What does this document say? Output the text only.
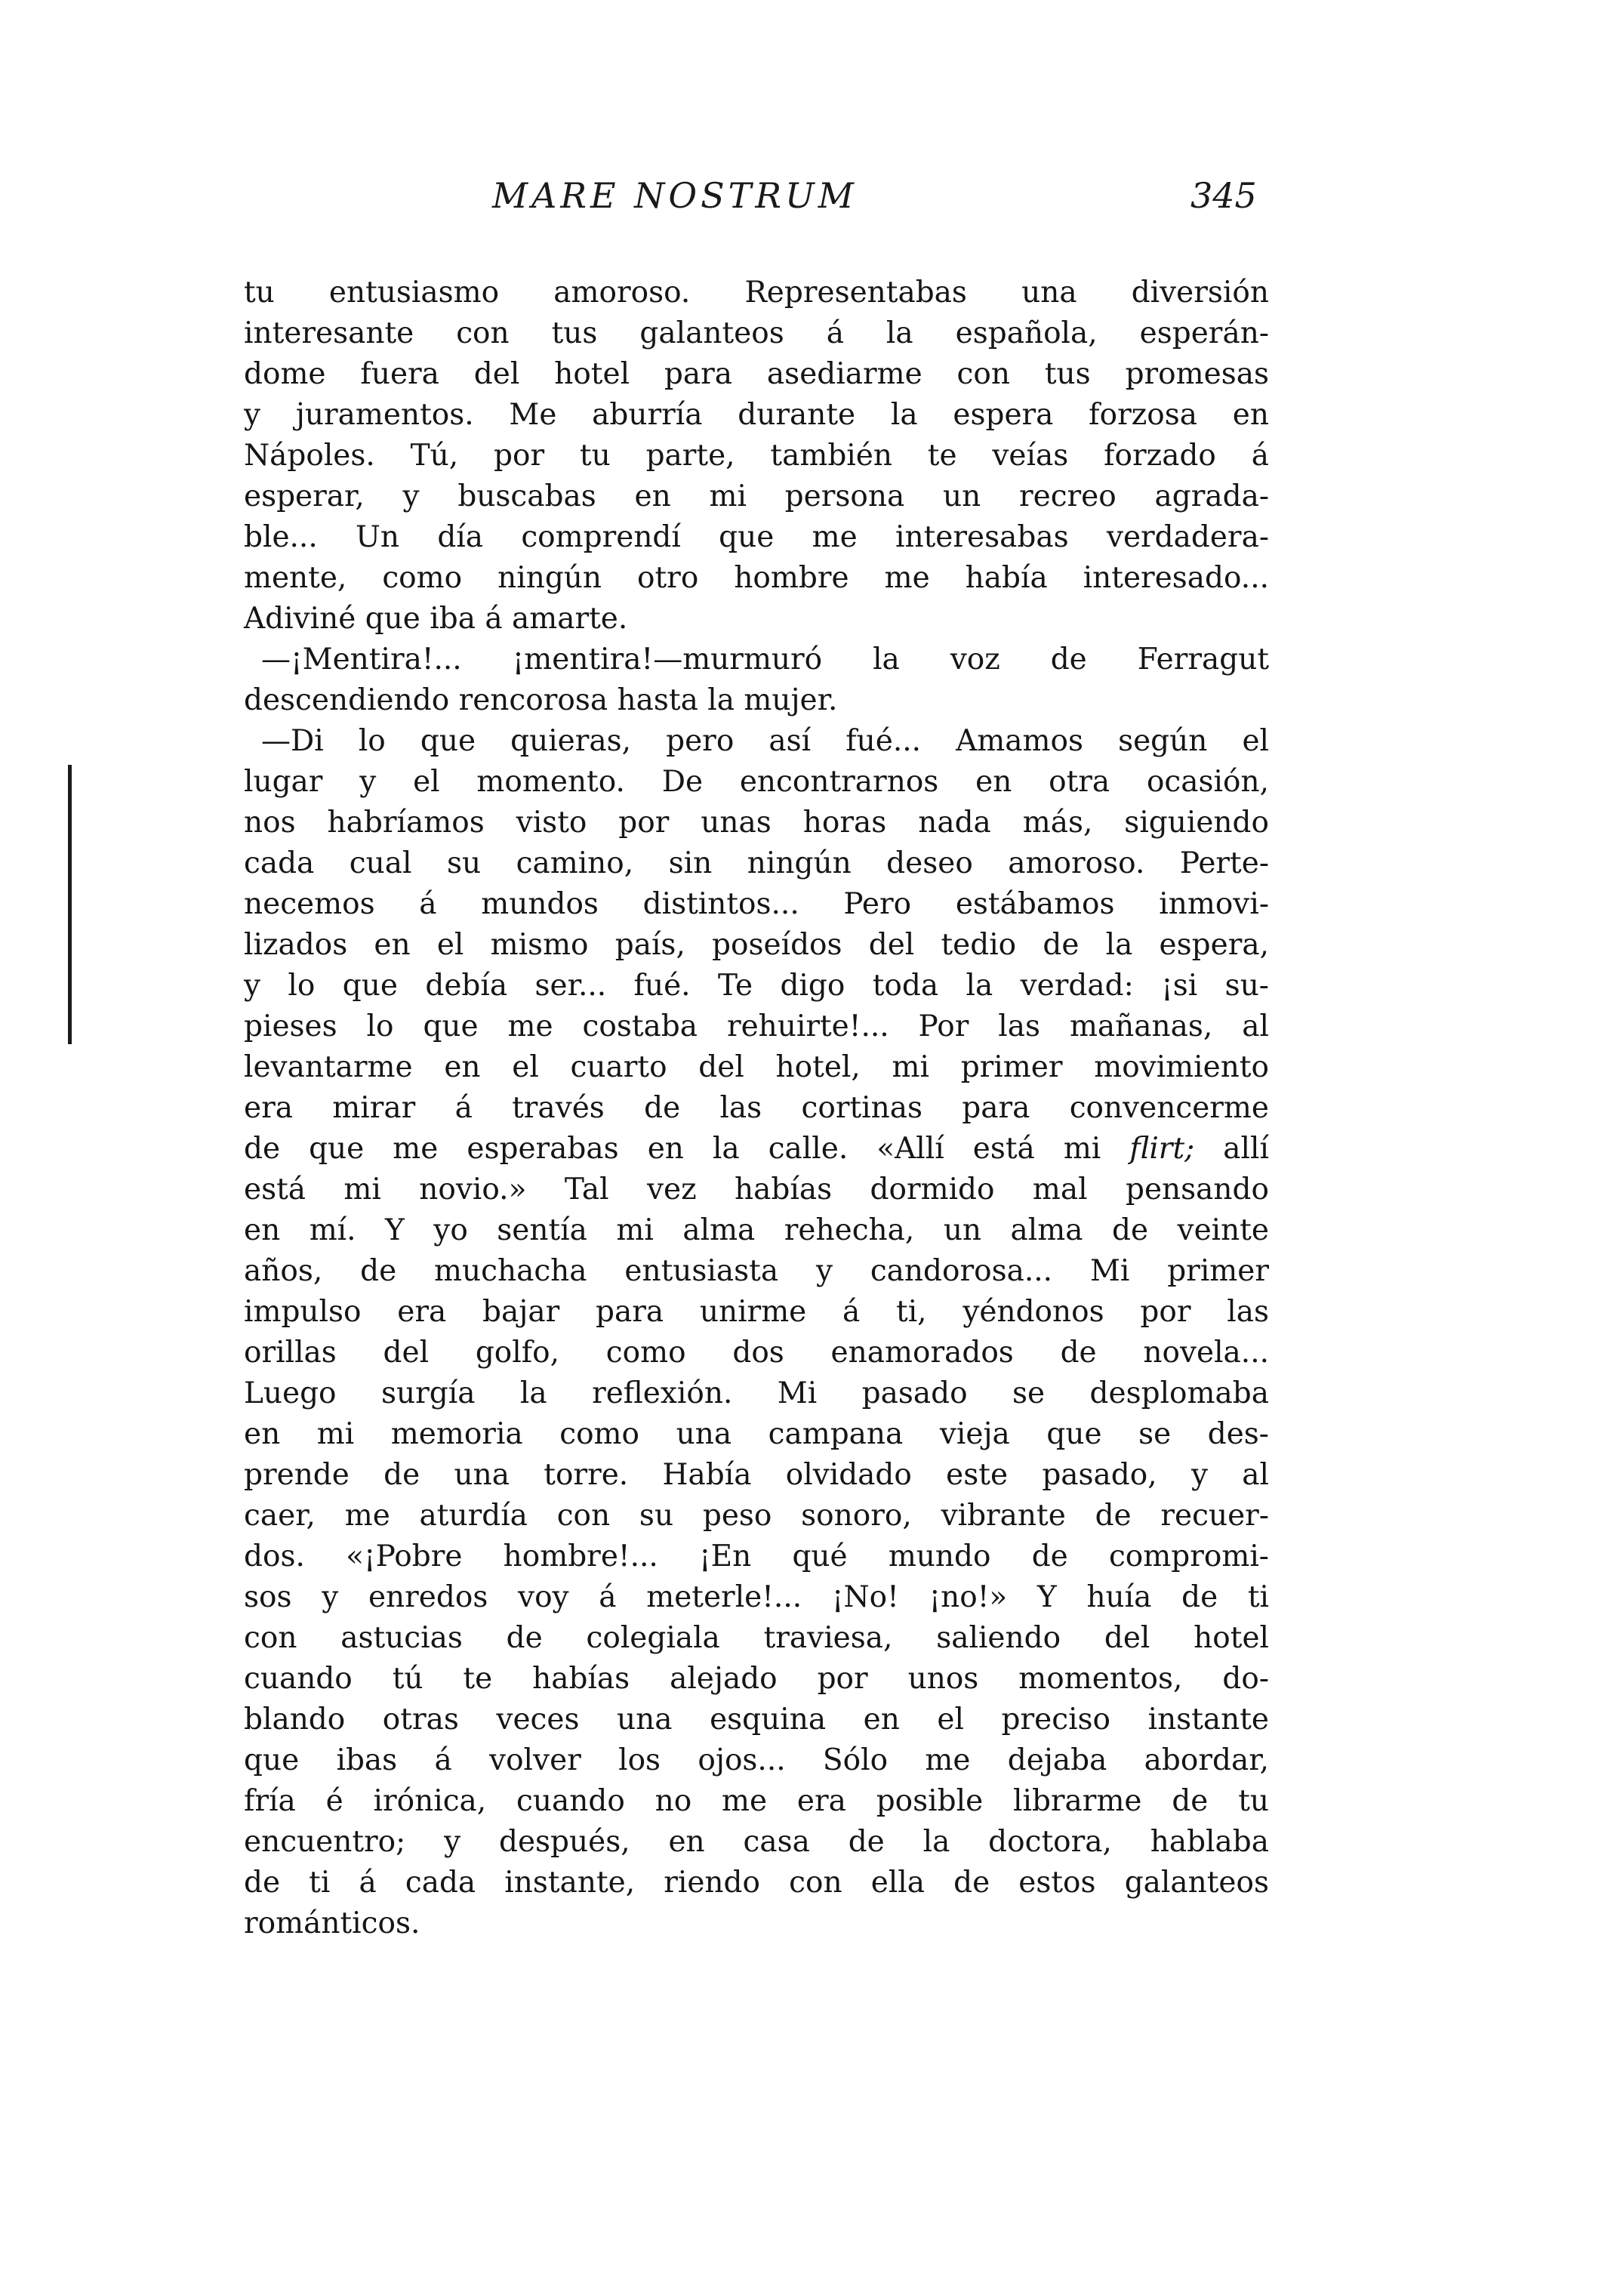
MARE NOSTRUM	345
tu entusiasmo amoroso. Representabas una diversión
interesante con tus galanteos á la española, esperán-
dome fuera del hotel para asediarme con tus promesas
y juramentos. Me aburría durante la espera forzosa en
Nápoles. Tú, por tu parte, también te veías forzado á
esperar, y buscabas en mi persona un recreo agrada-
ble... Un día comprendí que me interesabas verdadera-
mente, como ningún otro hombre me había interesado...
Adiviné que iba á amarte.
—¡Mentira!... ¡mentira!—murmuró la voz de Ferragut
descendiendo rencorosa hasta la mujer.
—Di lo que quieras, pero así fué... Amamos según el
lugar y el momento. De encontrarnos en otra ocasión,
nos habríamos visto por unas horas nada más, siguiendo
cada cual su camino, sin ningún deseo amoroso. Perte-
necemos á mundos distintos... Pero estábamos inmovi-
lizados en el mismo país, poseídos del tedio de la espera,
y lo que debía ser... fué. Te digo toda la verdad: ¡si su-
pieses lo que me costaba rehuirte!... Por las mañanas, al
levantarme en el cuarto del hotel, mi primer movimiento
era mirar á través de las cortinas para convencerme
de que me esperabas en la calle. «Allí está mi flirt; allí
está mi novio.» Tal vez habías dormido mal pensando
en mí. Y yo sentía mi alma rehecha, un alma de veinte
años, de muchacha entusiasta y candorosa... Mi primer
impulso era bajar para unirme á ti, yéndonos por las
orillas del golfo, como dos enamorados de novela...
Luego surgía la reflexión. Mi pasado se desplomaba
en mi memoria como una campana vieja que se des-
prende de una torre. Había olvidado este pasado, y al
caer, me aturdía con su peso sonoro, vibrante de recuer-
dos. «¡Pobre hombre!... ¡En qué mundo de compromi-
sos y enredos voy á meterle!... ¡No! ¡no!» Y huía de ti
con astucias de colegiala traviesa, saliendo del hotel
cuando tú te habías alejado por unos momentos, do-
blando otras veces una esquina en el preciso instante
que ibas á volver los ojos... Sólo me dejaba abordar,
fría é irónica, cuando no me era posible librarme de tu
encuentro; y después, en casa de la doctora, hablaba
de ti á cada instante, riendo con ella de estos galanteos
románticos.
